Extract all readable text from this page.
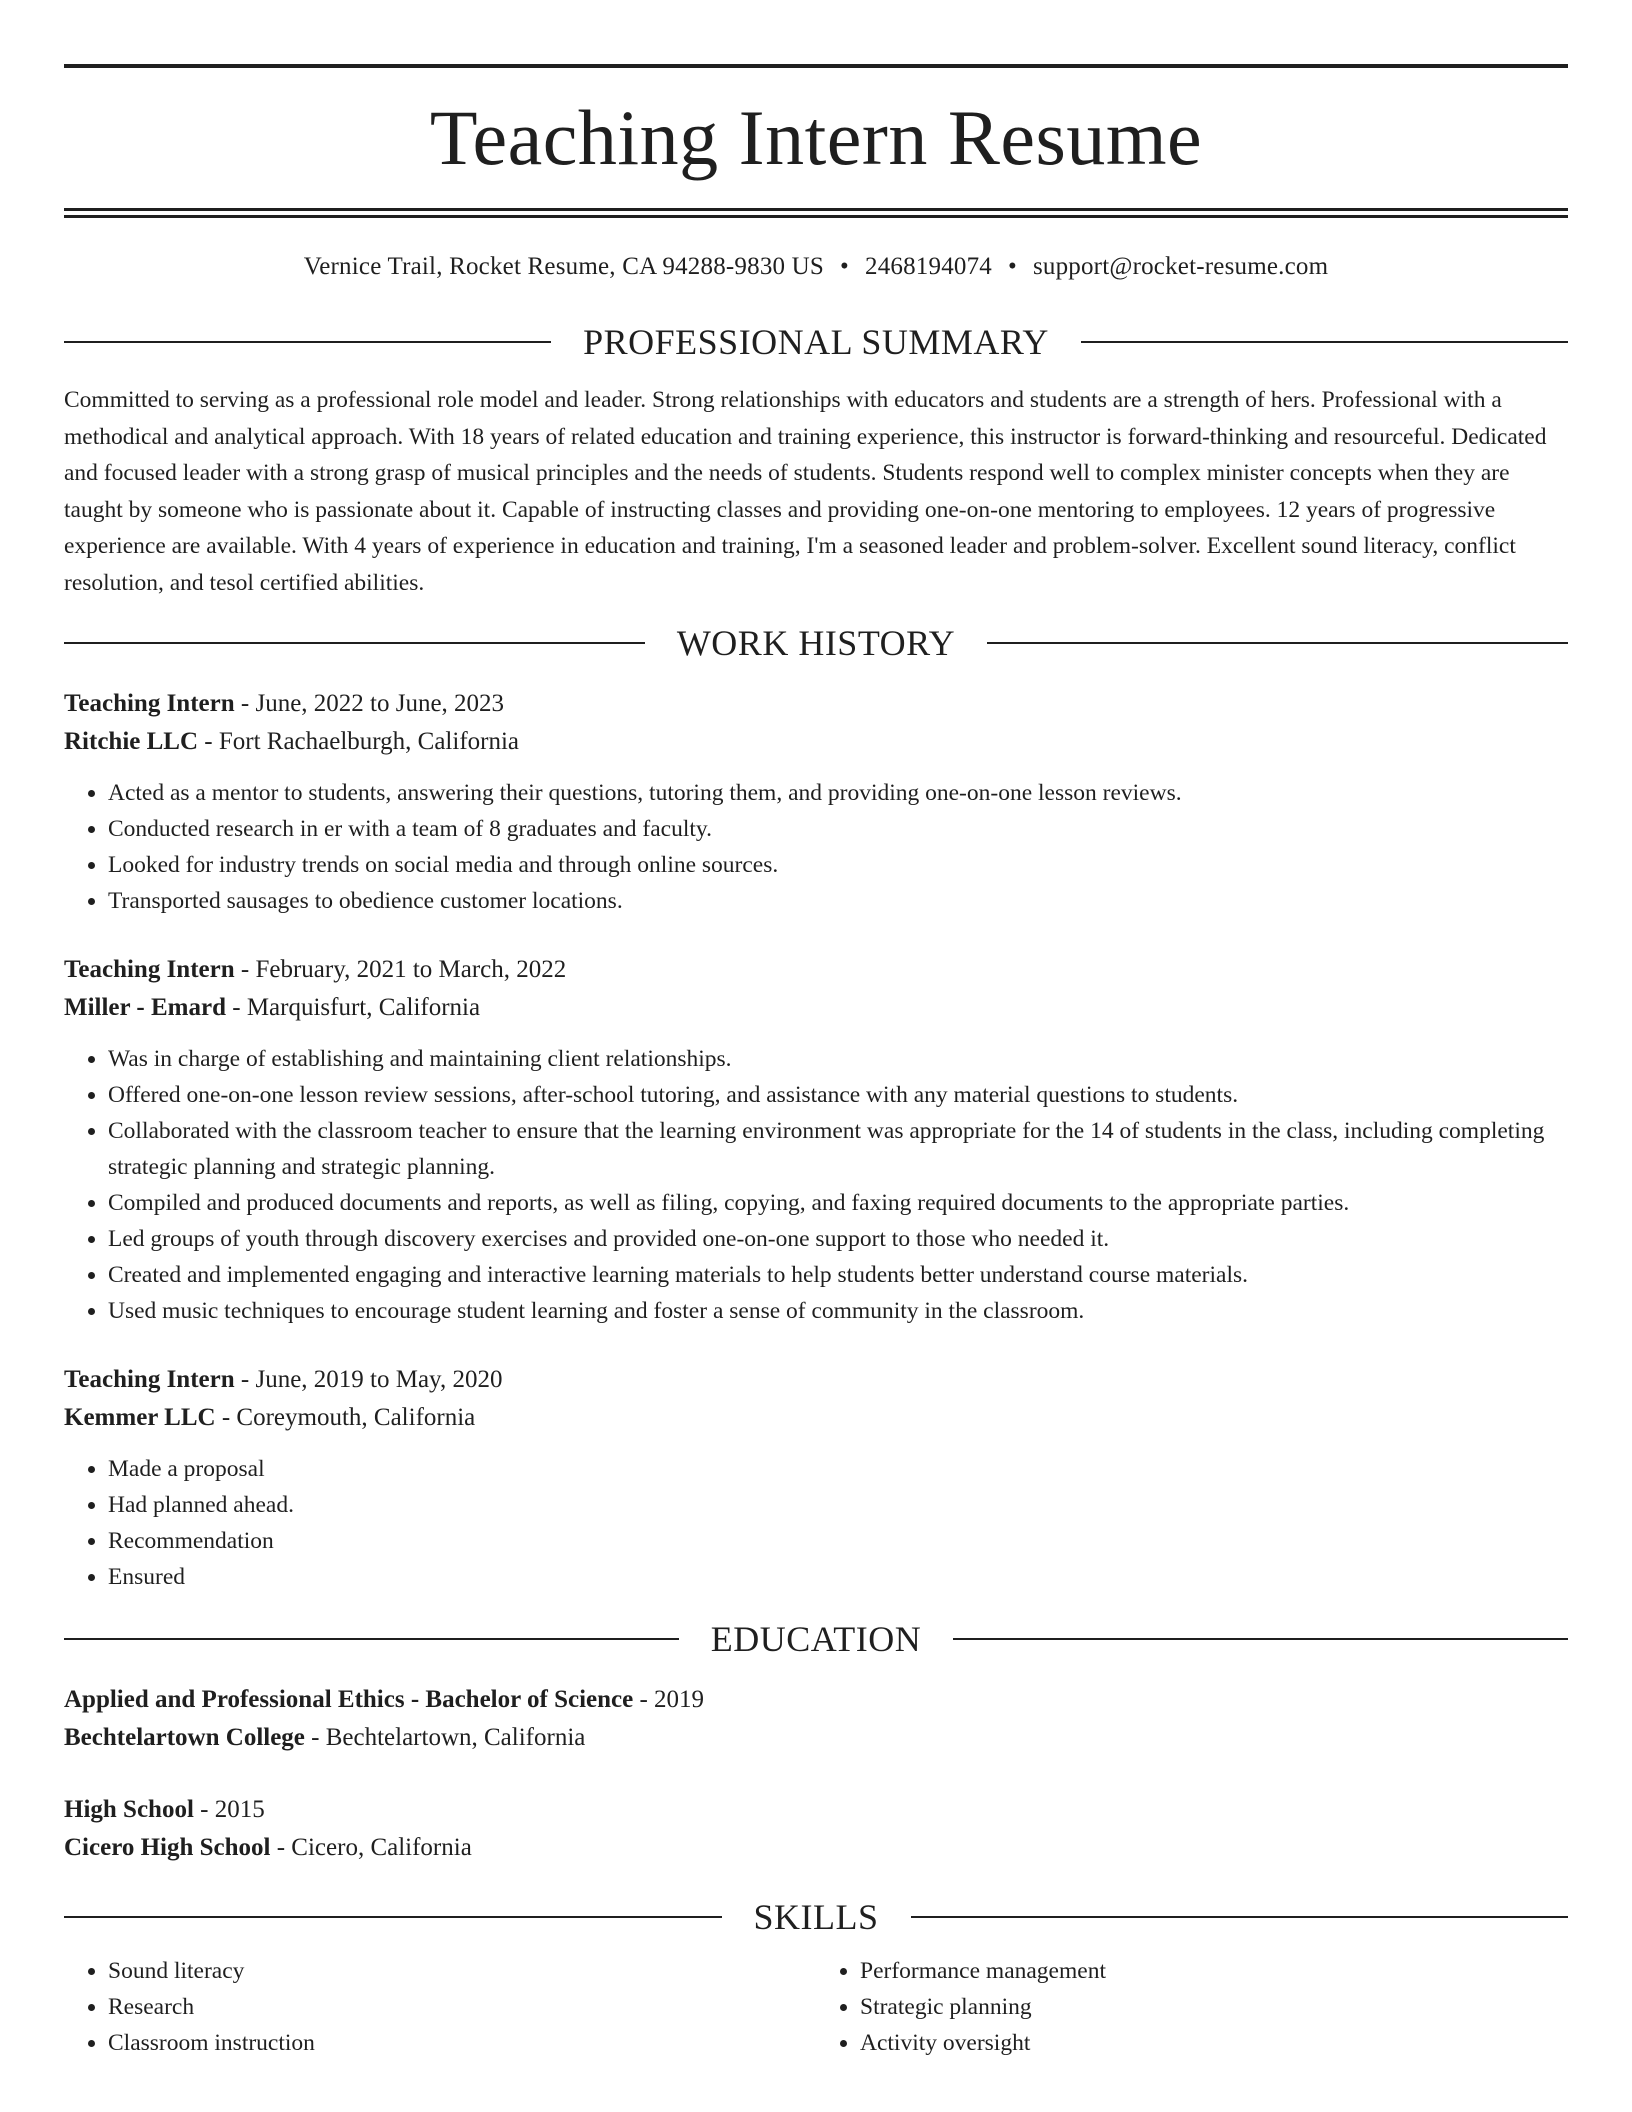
Teaching Intern Resume
Vernice Trail, Rocket Resume, CA 94288-9830 US • 2468194074 • support@rocket-resume.com
PROFESSIONAL SUMMARY
Committed to serving as a professional role model and leader. Strong relationships with educators and students are a strength of hers. Professional with a methodical and analytical approach. With 18 years of related education and training experience, this instructor is forward-thinking and resourceful. Dedicated and focused leader with a strong grasp of musical principles and the needs of students. Students respond well to complex minister concepts when they are taught by someone who is passionate about it. Capable of instructing classes and providing one-on-one mentoring to employees. 12 years of progressive experience are available. With 4 years of experience in education and training, I'm a seasoned leader and problem-solver. Excellent sound literacy, conflict resolution, and tesol certified abilities.
WORK HISTORY
Teaching Intern - June, 2022 to June, 2023
Ritchie LLC - Fort Rachaelburgh, California
• Acted as a mentor to students, answering their questions, tutoring them, and providing one-on-one lesson reviews.
• Conducted research in er with a team of 8 graduates and faculty.
• Looked for industry trends on social media and through online sources.
• Transported sausages to obedience customer locations.
Teaching Intern - February, 2021 to March, 2022
Miller - Emard - Marquisfurt, California
• Was in charge of establishing and maintaining client relationships.
• Offered one-on-one lesson review sessions, after-school tutoring, and assistance with any material questions to students.
• Collaborated with the classroom teacher to ensure that the learning environment was appropriate for the 14 of students in the class, including completing strategic planning and strategic planning.
• Compiled and produced documents and reports, as well as filing, copying, and faxing required documents to the appropriate parties.
• Led groups of youth through discovery exercises and provided one-on-one support to those who needed it.
• Created and implemented engaging and interactive learning materials to help students better understand course materials.
• Used music techniques to encourage student learning and foster a sense of community in the classroom.
Teaching Intern - June, 2019 to May, 2020
Kemmer LLC - Coreymouth, California
• Made a proposal
• Had planned ahead.
• Recommendation
• Ensured
EDUCATION
Applied and Professional Ethics - Bachelor of Science - 2019
Bechtelartown College - Bechtelartown, California
High School - 2015
Cicero High School - Cicero, California
SKILLS
• Sound literacy
• Research
• Classroom instruction
• Performance management
• Strategic planning
• Activity oversight
